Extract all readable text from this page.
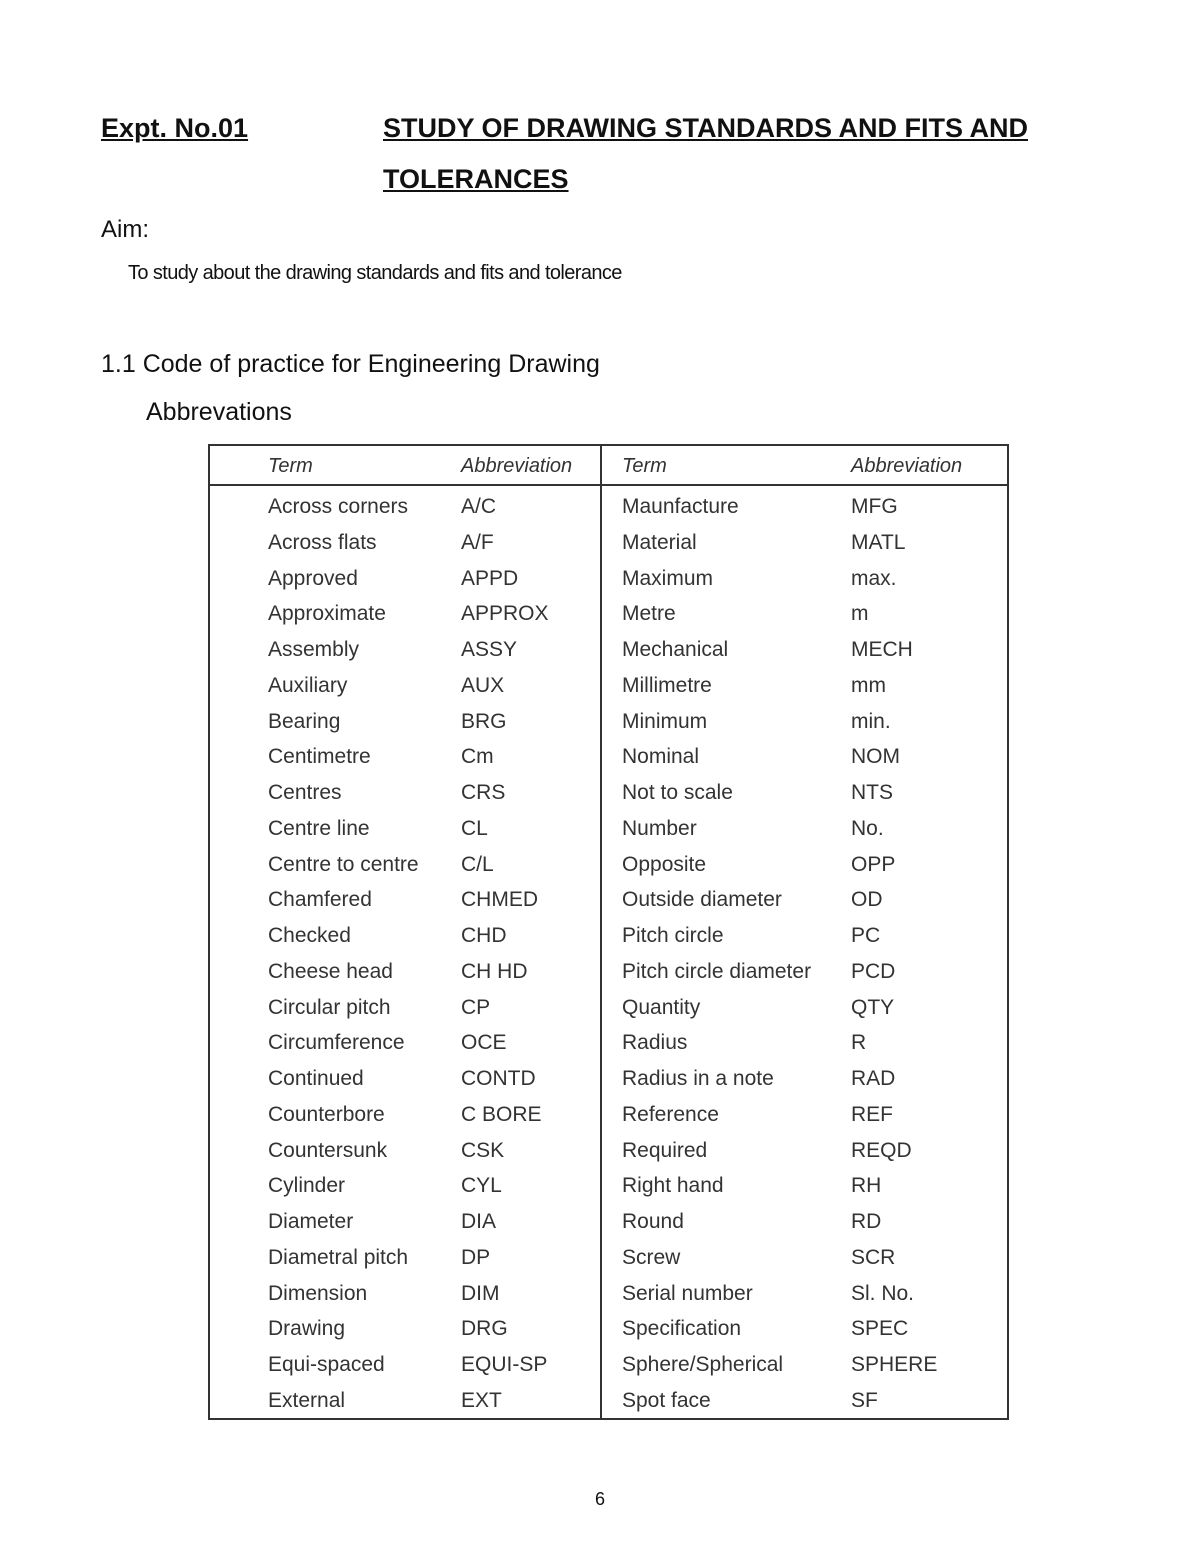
Expt. No.01	STUDY OF DRAWING STANDARDS AND FITS AND
TOLERANCES
Aim:
To study about the drawing standards and fits and tolerance
1.1 Code of practice for Engineering Drawing
Abbrevations
Term	Abbreviation Term	Abbreviation
Across corners	A/C	Maunfacture	MFG
Across flats	A/F	Material	MATL
Approved	APPD	Maximum	max.
Approximate	APPROX	Metre	m
Assembly	ASSY	Mechanical	MECH
Auxiliary	AUX	Millimetre	mm
Bearing	BRG	Minimum	min.
Centimetre	Cm	Nominal	NOM
Centres	CRS	Not to scale	NTS
Centre line	CL	Number	No.
Centre to centre C/L	Opposite	OPP
Chamfered	CHMED	Outside diameter	OD
Checked	CHD	Pitch circle	PC
Cheese head	CH HD	Pitch circle diameter PCD
Circular pitch	CP	Quantity	QTY
Circumference	OCE	Radius	R
Continued	CONTD	Radius in a note	RAD
Counterbore	C BORE	Reference	REF
Countersunk	CSK	Required	REQD
Cylinder	CYL	Right hand	RH
Diameter	DIA	Round	RD
Diametral pitch	DP	Screw	SCR
Dimension	DIM	Serial number	Sl. No.
Drawing	DRG	Specification	SPEC
Equi-spaced	EQUI-SP	Sphere/Spherical	SPHERE
External	EXT	Spot face	SF
6
